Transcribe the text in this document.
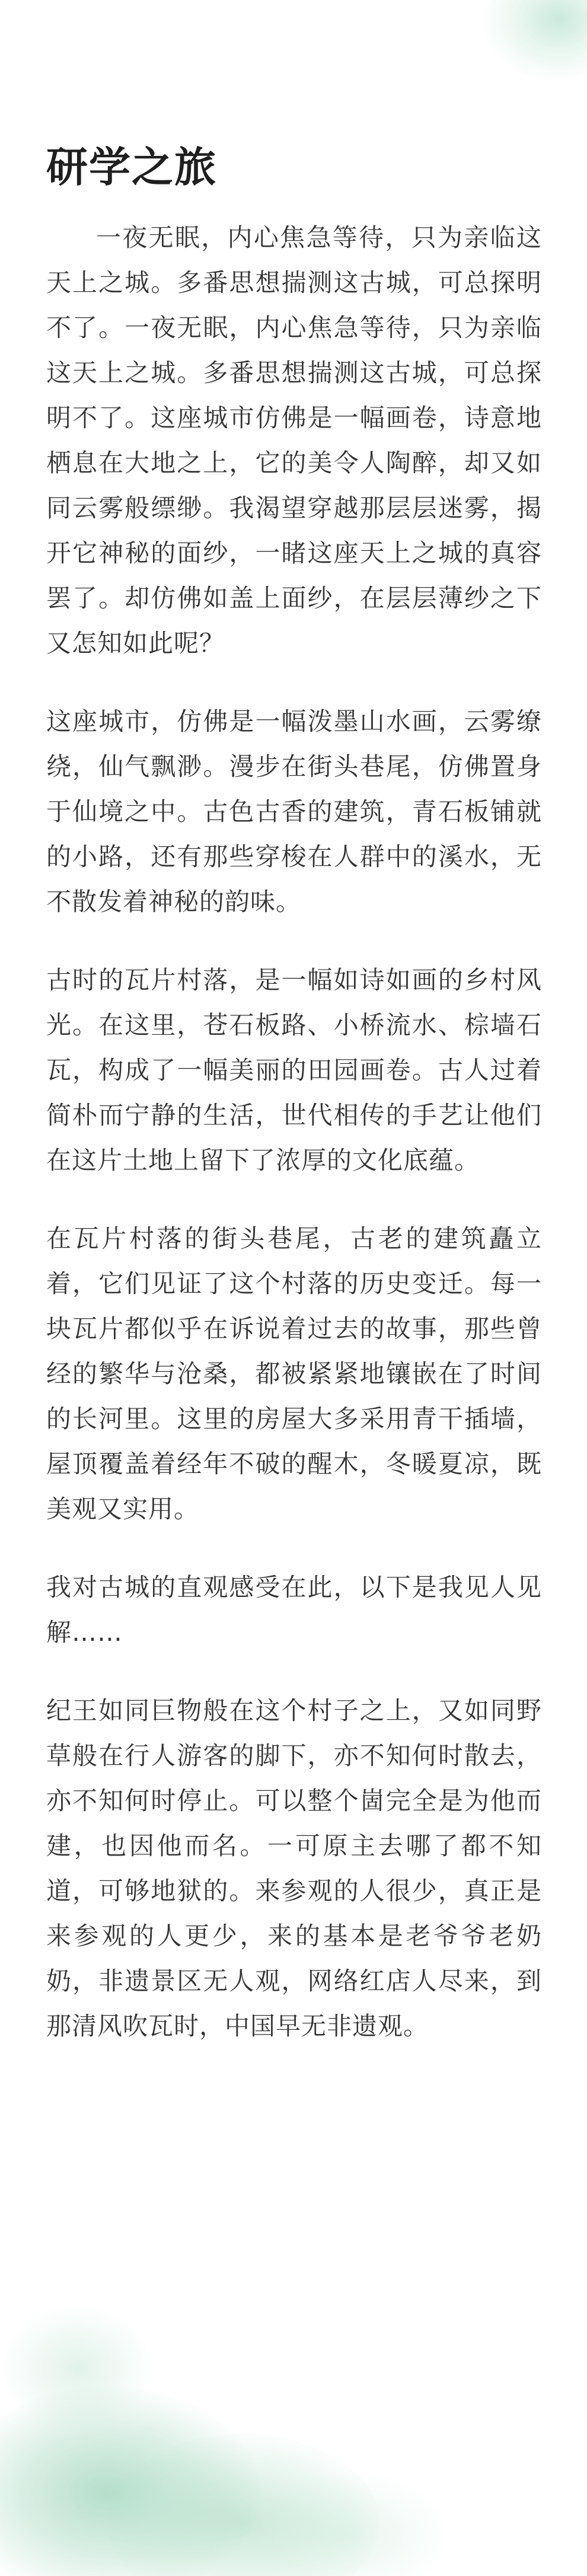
研学之旅

一夜无眠，内心焦急等待，只为亲临这天上之城。多番思想揣测这古城，可总探明不了。一夜无眠，内心焦急等待，只为亲临这天上之城。多番思想揣测这古城，可总探明不了。这座城市仿佛是一幅画卷，诗意地栖息在大地之上，它的美令人陶醉，却又如同云雾般缥缈。我渴望穿越那层层迷雾，揭开它神秘的面纱，一睹这座天上之城的真容罢了。却仿佛如盖上面纱，在层层薄纱之下又怎知如此呢？

这座城市，仿佛是一幅泼墨山水画，云雾缭绕，仙气飘渺。漫步在街头巷尾，仿佛置身于仙境之中。古色古香的建筑，青石板铺就的小路，还有那些穿梭在人群中的溪水，无不散发着神秘的韵味。

古时的瓦片村落，是一幅如诗如画的乡村风光。在这里，苍石板路、小桥流水、棕墙石瓦，构成了一幅美丽的田园画卷。古人过着简朴而宁静的生活，世代相传的手艺让他们在这片土地上留下了浓厚的文化底蕴。

在瓦片村落的街头巷尾，古老的建筑矗立着，它们见证了这个村落的历史变迁。每一块瓦片都似乎在诉说着过去的故事，那些曾经的繁华与沧桑，都被紧紧地镶嵌在了时间的长河里。这里的房屋大多采用青干插墙，屋顶覆盖着经年不破的醒木，冬暖夏凉，既美观又实用。

我对古城的直观感受在此，以下是我见人见解……

纪王如同巨物般在这个村子之上，又如同野草般在行人游客的脚下，亦不知何时散去，亦不知何时停止。可以整个崮完全是为他而建，也因他而名。一可原主去哪了都不知道，可够地狱的。来参观的人很少，真正是来参观的人更少，来的基本是老爷爷老奶奶，非遗景区无人观，网络红店人尽来，到那清风吹瓦时，中国早无非遗观。
